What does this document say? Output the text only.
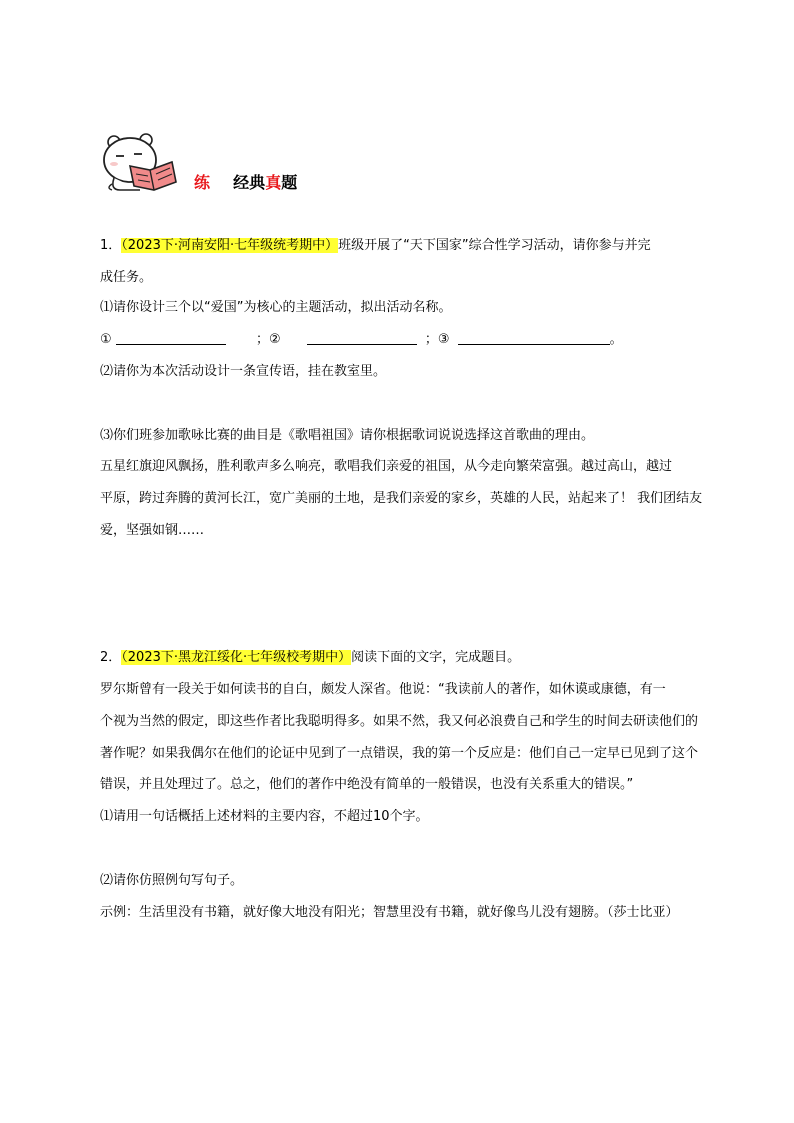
练 经典真题
1．（2023下·河南安阳·七年级统考期中）班级开展了“天下国家”综合性学习活动，请你参与并完
成任务。
⑴请你设计三个以“爱国”为核心的主题活动，拟出活动名称。
①	；②	；③	。
⑵请你为本次活动设计一条宣传语，挂在教室里。
⑶你们班参加歌咏比赛的曲目是《歌唱祖国》请你根据歌词说说选择这首歌曲的理由。
五星红旗迎风飘扬，胜利歌声多么响亮，歌唱我们亲爱的祖国，从今走向繁荣富强。越过高山，越过
平原，跨过奔腾的黄河长江，宽广美丽的土地，是我们亲爱的家乡，英雄的人民，站起来了！ 我们团结友
爱，坚强如钢……
2．（2023下·黑龙江绥化·七年级校考期中）阅读下面的文字，完成题目。
罗尔斯曾有一段关于如何读书的自白，颇发人深省。他说：“我读前人的著作，如休谟或康德，有一
个视为当然的假定，即这些作者比我聪明得多。如果不然，我又何必浪费自己和学生的时间去研读他们的
著作呢？如果我偶尔在他们的论证中见到了一点错误，我的第一个反应是：他们自己一定早已见到了这个
错误，并且处理过了。总之，他们的著作中绝没有简单的一般错误，也没有关系重大的错误。”
⑴请用一句话概括上述材料的主要内容，不超过10个字。
⑵请你仿照例句写句子。
示例：生活里没有书籍，就好像大地没有阳光；智慧里没有书籍，就好像鸟儿没有翅膀。（莎士比亚）
